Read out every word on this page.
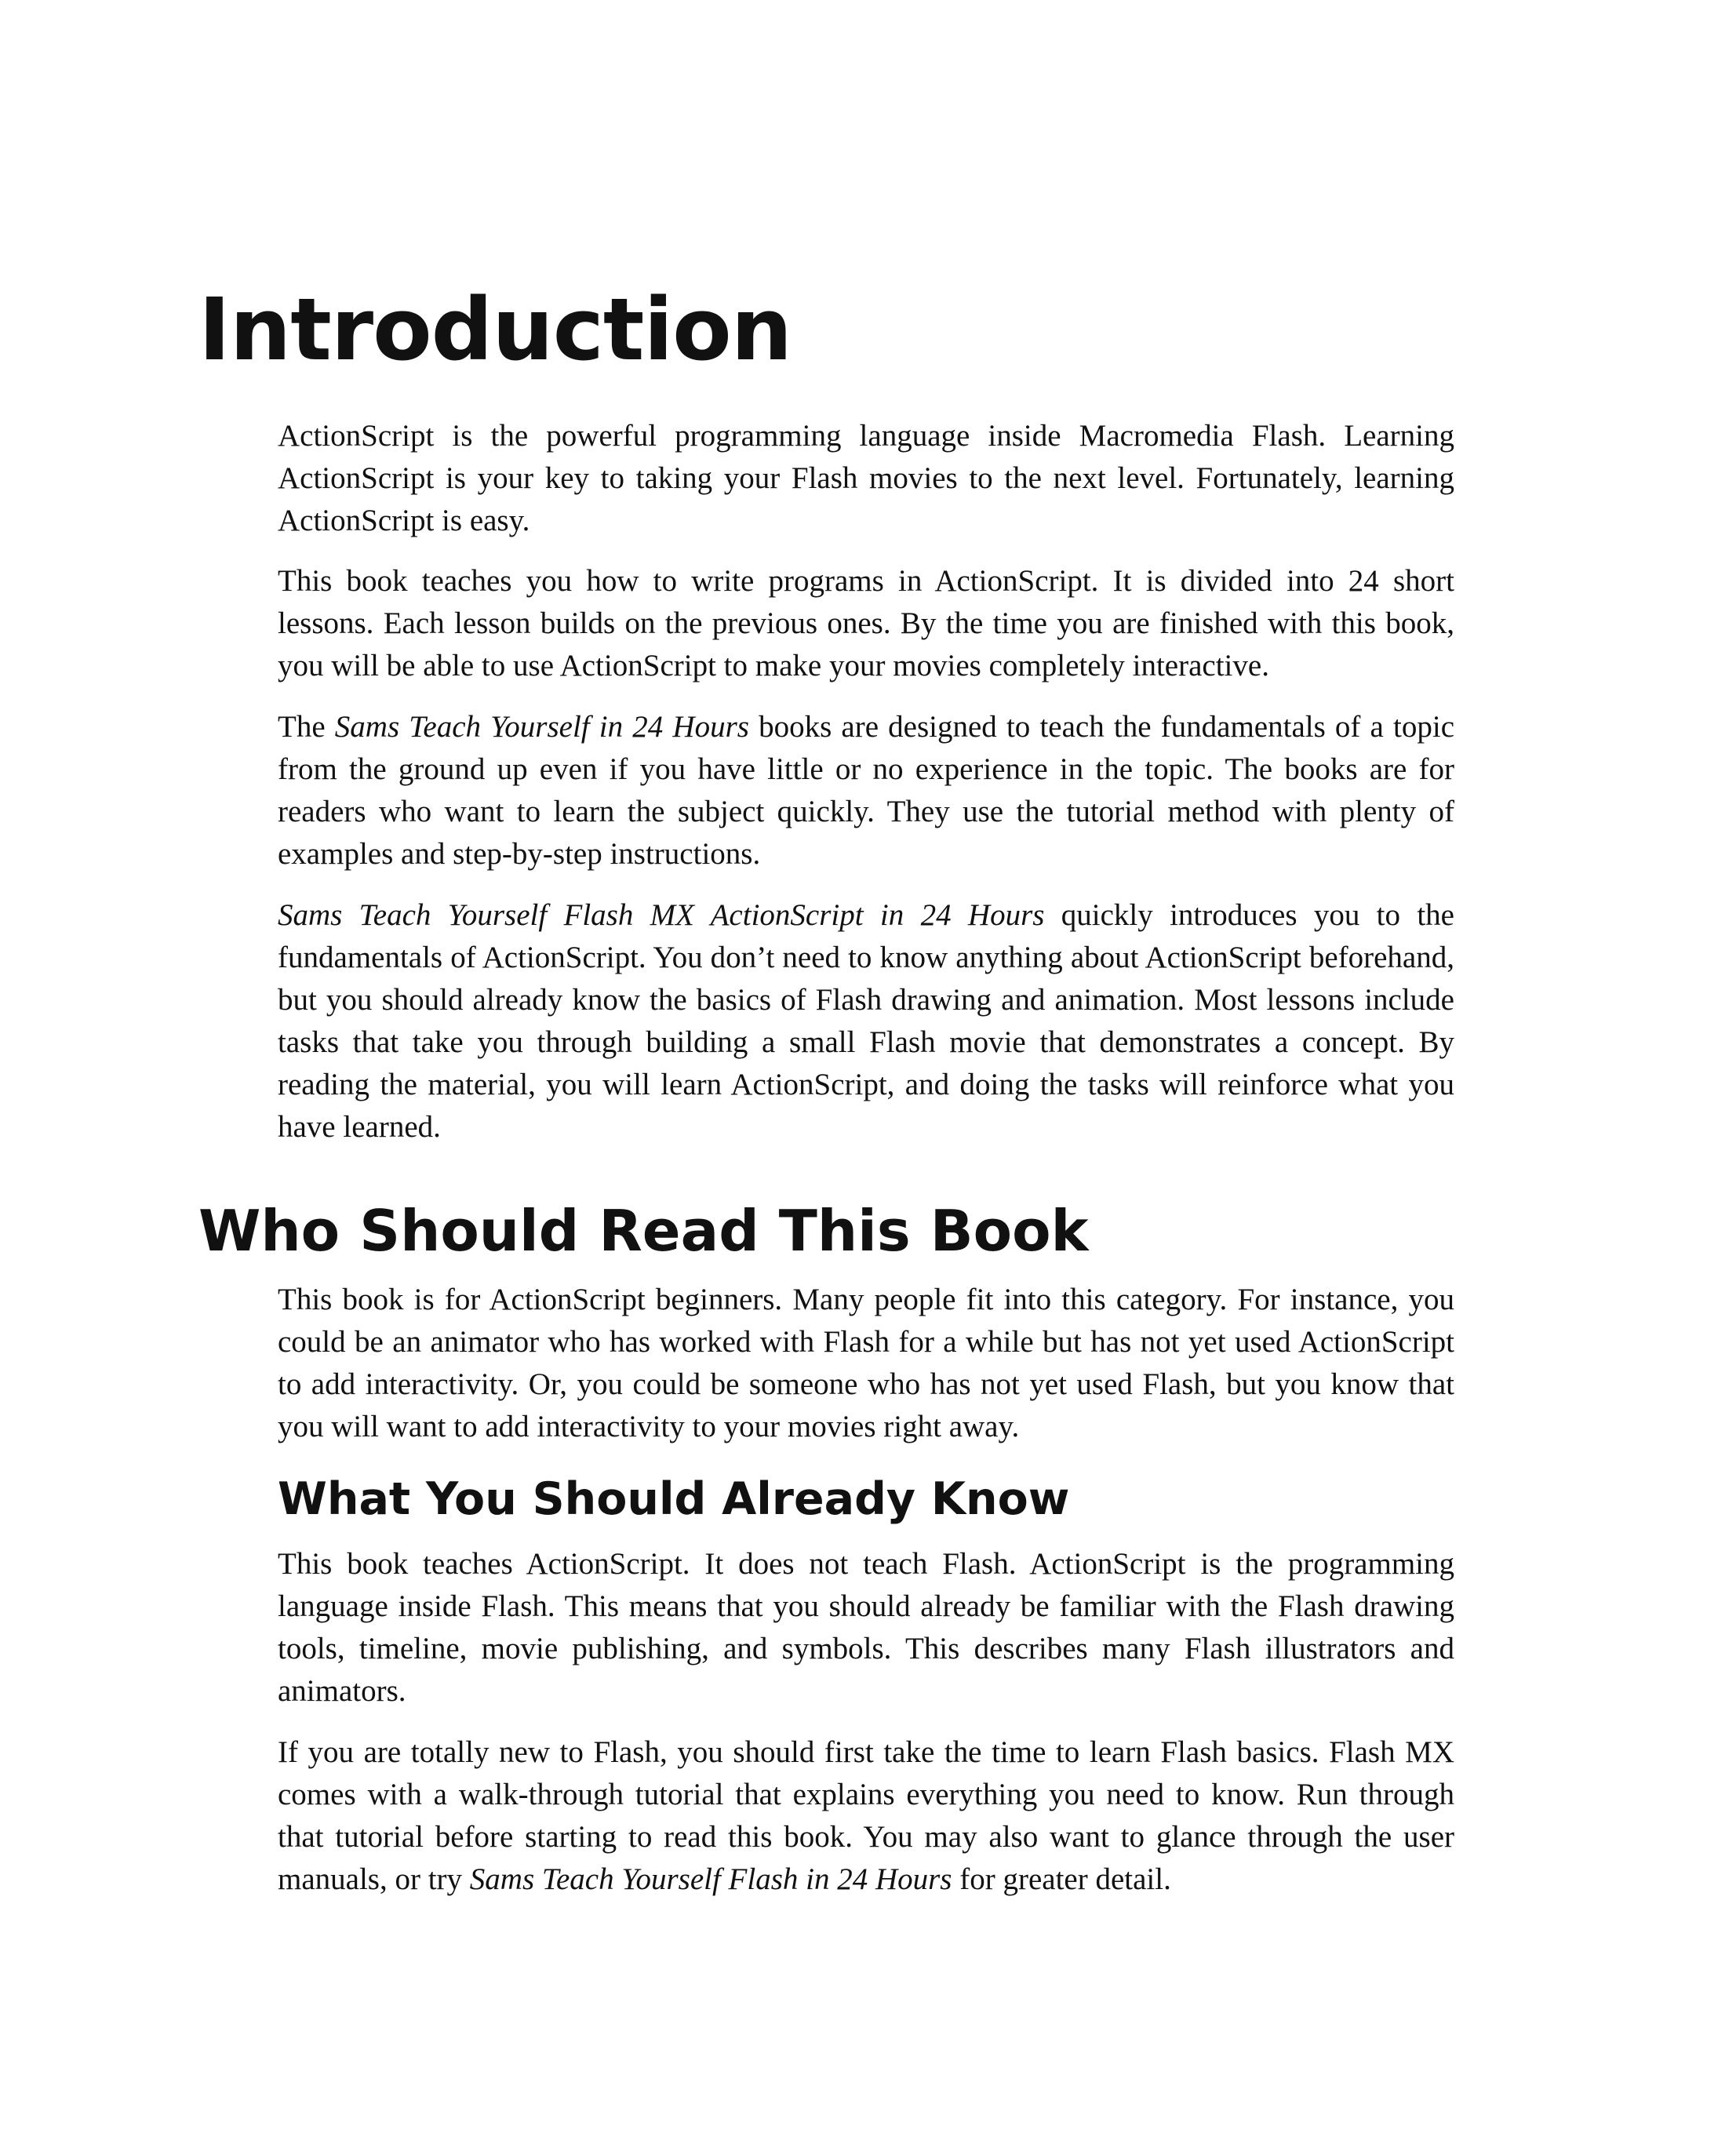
Introduction

ActionScript is the powerful programming language inside Macromedia Flash. Learning ActionScript is your key to taking your Flash movies to the next level. Fortunately, learning ActionScript is easy.

This book teaches you how to write programs in ActionScript. It is divided into 24 short lessons. Each lesson builds on the previous ones. By the time you are finished with this book, you will be able to use ActionScript to make your movies completely interactive.

The Sams Teach Yourself in 24 Hours books are designed to teach the fundamentals of a topic from the ground up even if you have little or no experience in the topic. The books are for readers who want to learn the subject quickly. They use the tutorial method with plenty of examples and step-by-step instructions.

Sams Teach Yourself Flash MX ActionScript in 24 Hours quickly introduces you to the fundamentals of ActionScript. You don’t need to know anything about ActionScript beforehand, but you should already know the basics of Flash drawing and animation. Most lessons include tasks that take you through building a small Flash movie that demonstrates a concept. By reading the material, you will learn ActionScript, and doing the tasks will reinforce what you have learned.

Who Should Read This Book

This book is for ActionScript beginners. Many people fit into this category. For instance, you could be an animator who has worked with Flash for a while but has not yet used ActionScript to add interactivity. Or, you could be someone who has not yet used Flash, but you know that you will want to add interactivity to your movies right away.

What You Should Already Know

This book teaches ActionScript. It does not teach Flash. ActionScript is the programming language inside Flash. This means that you should already be familiar with the Flash drawing tools, timeline, movie publishing, and symbols. This describes many Flash illustrators and animators.

If you are totally new to Flash, you should first take the time to learn Flash basics. Flash MX comes with a walk-through tutorial that explains everything you need to know. Run through that tutorial before starting to read this book. You may also want to glance through the user manuals, or try Sams Teach Yourself Flash in 24 Hours for greater detail.
